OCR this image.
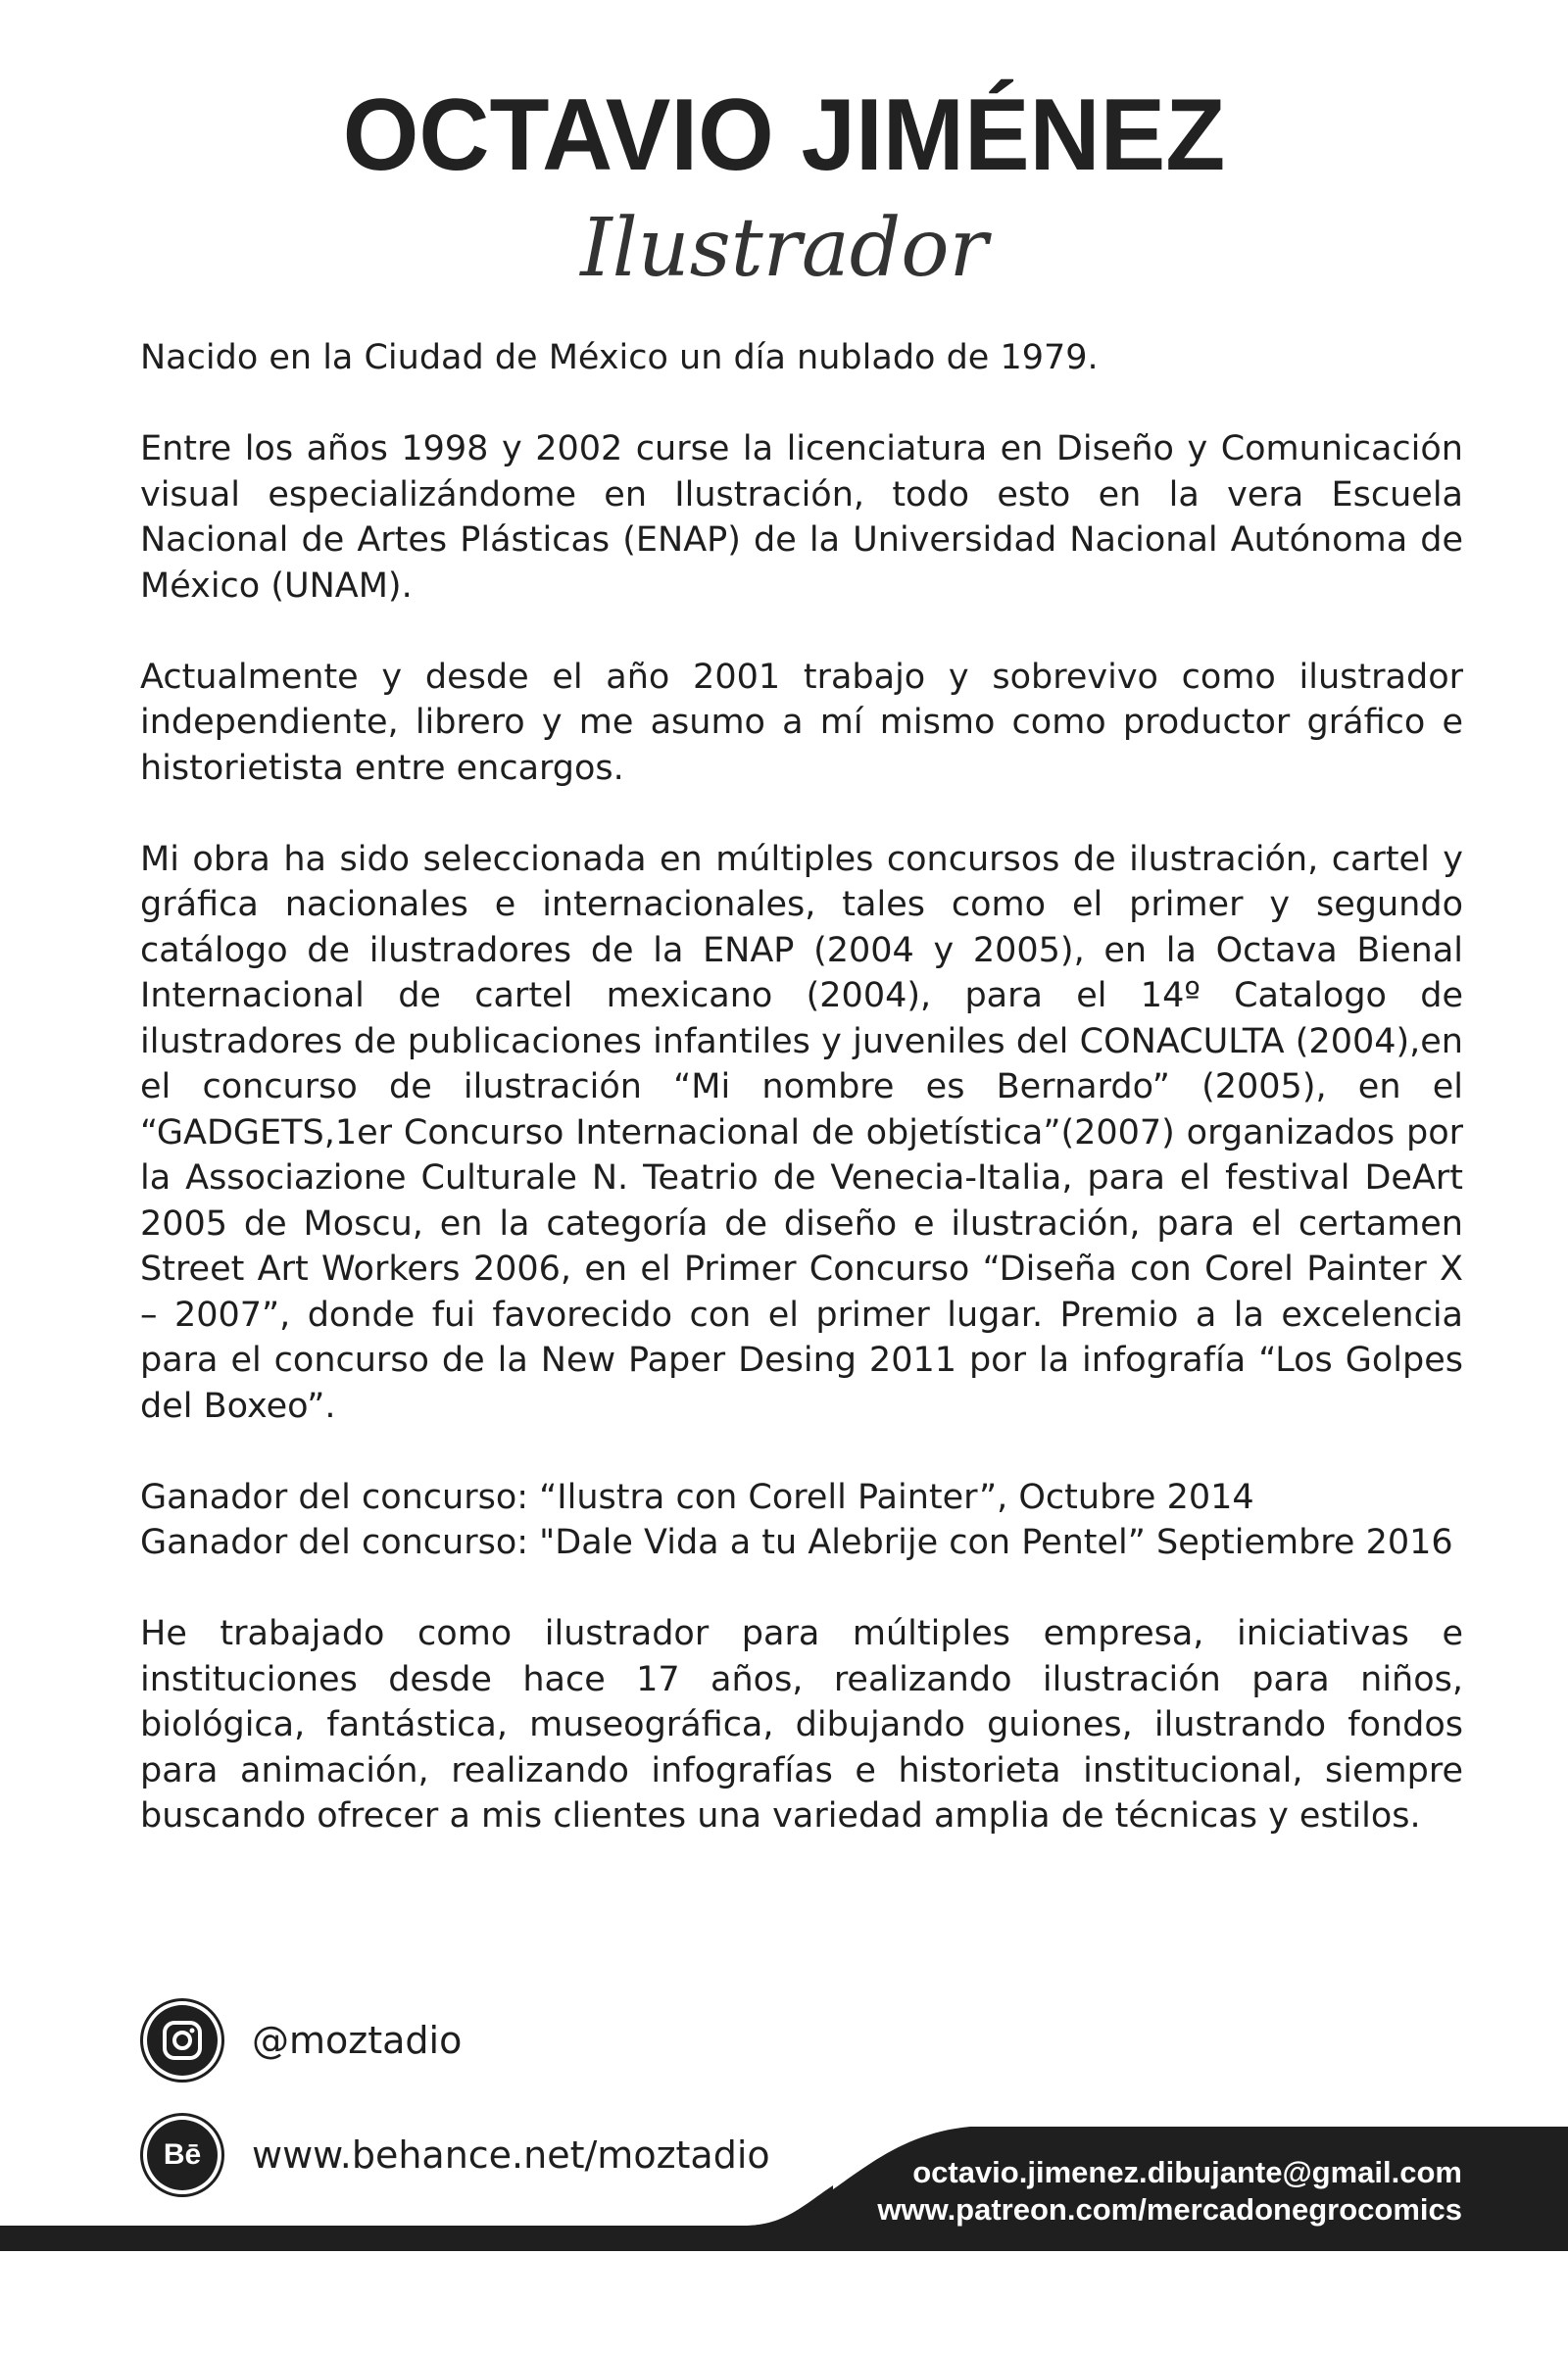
OCTAVIO JIMÉNEZ
Ilustrador

Nacido en la Ciudad de México un día nublado de 1979.

Entre los años 1998 y 2002 curse la licenciatura en Diseño y Comunicación visual especializándome en Ilustración, todo esto en la vera Escuela Nacional de Artes Plásticas (ENAP) de la Universidad Nacional Autónoma de México (UNAM).

Actualmente y desde el año 2001 trabajo y sobrevivo como ilustrador independiente, librero y me asumo a mí mismo como productor gráfico e historietista entre encargos.

Mi obra ha sido seleccionada en múltiples concursos de ilustración, cartel y gráfica nacionales e internacionales, tales como el primer y segundo catálogo de ilustradores de la ENAP (2004 y 2005), en la Octava Bienal Internacional de cartel mexicano (2004), para el 14º Catalogo de ilustradores de publicaciones infantiles y juveniles del CONACULTA (2004),en el concurso de ilustración “Mi nombre es Bernardo” (2005), en el “GADGETS,1er Concurso Internacional de objetística”(2007) organizados por la Associazione Culturale N. Teatrio de Venecia-Italia, para el festival DeArt 2005 de Moscu, en la categoría de diseño e ilustración, para el certamen Street Art Workers 2006, en el Primer Concurso “Diseña con Corel Painter X – 2007”, donde fui favorecido con el primer lugar. Premio a la excelencia para el concurso de la New Paper Desing 2011 por la infografía “Los Golpes del Boxeo”.

Ganador del concurso: “Ilustra con Corell Painter”, Octubre 2014
Ganador del concurso: "Dale Vida a tu Alebrije con Pentel” Septiembre 2016

He trabajado como ilustrador para múltiples empresa, iniciativas e instituciones desde hace 17 años, realizando ilustración para niños, biológica, fantástica, museográfica, dibujando guiones, ilustrando fondos para animación, realizando infografías e historieta institucional, siempre buscando ofrecer a mis clientes una variedad amplia de técnicas y estilos.

@moztadio
Bē	www.behance.net/moztadio	octavio.jimenez.dibujante@gmail.com
www.patreon.com/mercadonegrocomics
